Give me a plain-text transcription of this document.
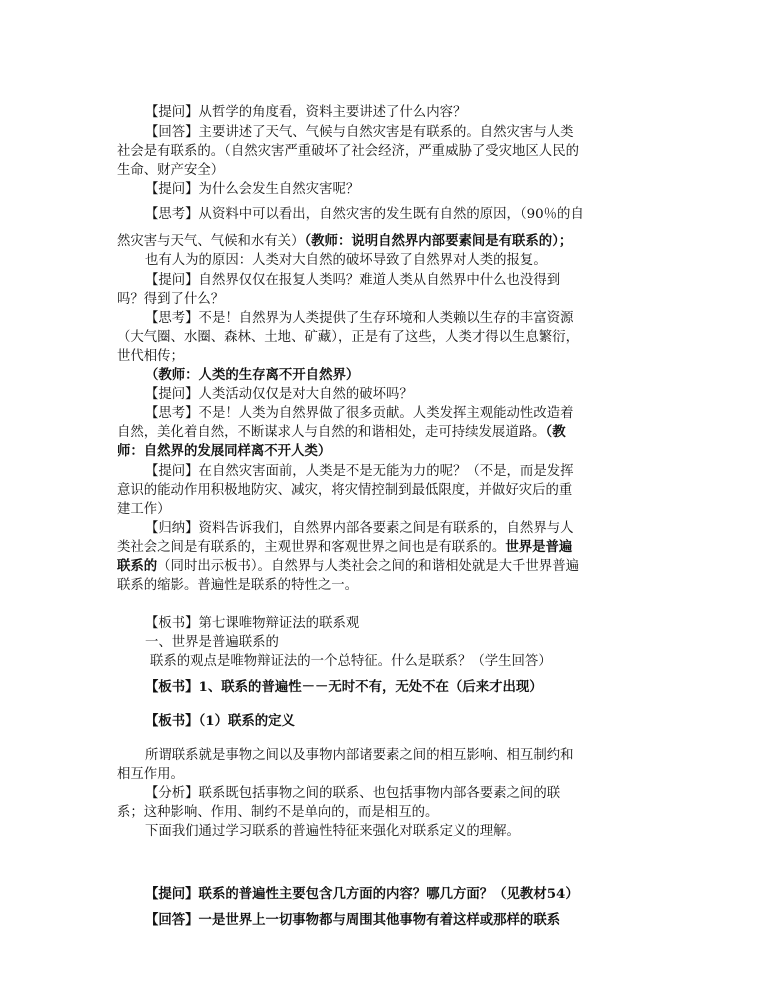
【提问】从哲学的角度看，资料主要讲述了什么内容？
【回答】主要讲述了天气、气候与自然灾害是有联系的。自然灾害与人类
社会是有联系的。（自然灾害严重破坏了社会经济，严重威胁了受灾地区人民的
生命、财产安全）
【提问】为什么会发生自然灾害呢？
【思考】从资料中可以看出，自然灾害的发生既有自然的原因，（90％的自
然灾害与天气、气候和水有关）（教师：说明自然界内部要素间是有联系的）；
也有人为的原因：人类对大自然的破坏导致了自然界对人类的报复。
【提问】自然界仅仅在报复人类吗？难道人类从自然界中什么也没得到
吗？得到了什么？
【思考】不是！自然界为人类提供了生存环境和人类赖以生存的丰富资源
（大气圈、水圈、森林、土地、矿藏），正是有了这些，人类才得以生息繁衍，
世代相传；
（教师：人类的生存离不开自然界）
【提问】人类活动仅仅是对大自然的破坏吗？
【思考】不是！人类为自然界做了很多贡献。人类发挥主观能动性改造着
自然，美化着自然，不断谋求人与自然的和谐相处，走可持续发展道路。（教
师：自然界的发展同样离不开人类）
【提问】在自然灾害面前，人类是不是无能为力的呢？（不是，而是发挥
意识的能动作用积极地防灾、减灾，将灾情控制到最低限度，并做好灾后的重
建工作）
【归纳】资料告诉我们，自然界内部各要素之间是有联系的，自然界与人
类社会之间是有联系的，主观世界和客观世界之间也是有联系的。世界是普遍
联系的（同时出示板书）。自然界与人类社会之间的和谐相处就是大千世界普遍
联系的缩影。普遍性是联系的特性之一。
【板书】第七课唯物辩证法的联系观
一、世界是普遍联系的
联系的观点是唯物辩证法的一个总特征。什么是联系？（学生回答）
【板书】1、联系的普遍性－－无时不有，无处不在（后来才出现）
【板书】（1）联系的定义
所谓联系就是事物之间以及事物内部诸要素之间的相互影响、相互制约和
相互作用。
【分析】联系既包括事物之间的联系、也包括事物内部各要素之间的联
系；这种影响、作用、制约不是单向的，而是相互的。
下面我们通过学习联系的普遍性特征来强化对联系定义的理解。
【提问】联系的普遍性主要包含几方面的内容？哪几方面？（见教材54）
【回答】一是世界上一切事物都与周围其他事物有着这样或那样的联系
